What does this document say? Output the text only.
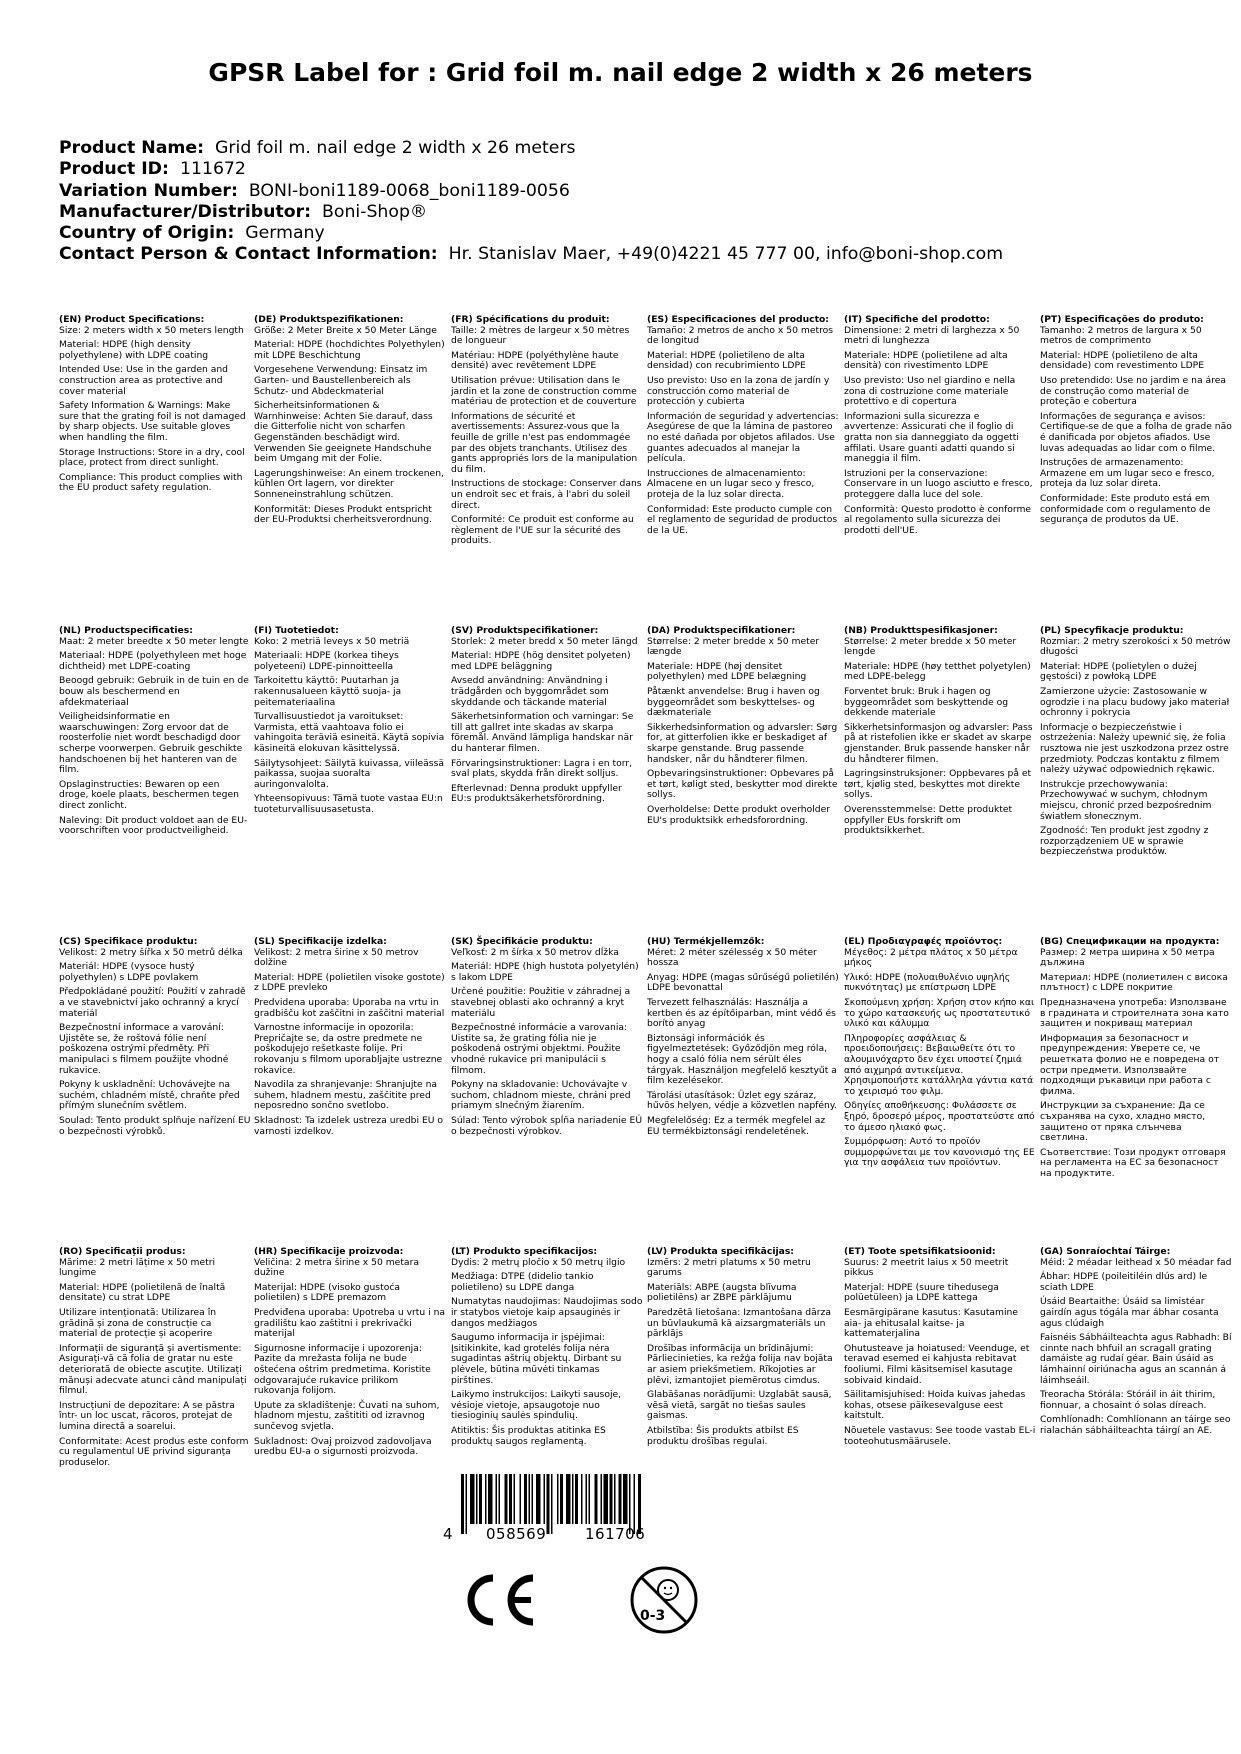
GPSR Label for : Grid foil m. nail edge 2 width x 26 meters
Product Name: Grid foil m. nail edge 2 width x 26 meters
Product ID: 111672
Variation Number: BONI-boni1189-0068_boni1189-0056
Manufacturer/Distributor: Boni-Shop®
Country of Origin: Germany
Contact Person & Contact Information: Hr. Stanislav Maer, +49(0)4221 45 777 00, info@boni-shop.com
(EN) Product Specifications:

Size: 2 meters width x 50 meters length

Material: HDPE (high density polyethylene) with LDPE coating

Intended Use: Use in the garden and construction area as protective and cover material

Safety Information & Warnings: Make sure that the grating foil is not damaged by sharp objects. Use suitable gloves when handling the film.

Storage Instructions: Store in a dry, cool place, protect from direct sunlight.

Compliance: This product complies with the EU product safety regulation.

(DE) Produktspezifikationen:

Größe: 2 Meter Breite x 50 Meter Länge

Material: HDPE (hochdichtes Polyethylen) mit LDPE Beschichtung

Vorgesehene Verwendung: Einsatz im Garten- und Baustellenbereich als Schutz- und Abdeckmaterial

Sicherheitsinformationen & Warnhinweise: Achten Sie darauf, dass die Gitterfolie nicht von scharfen Gegenständen beschädigt wird. Verwenden Sie geeignete Handschuhe beim Umgang mit der Folie.

Lagerungshinweise: An einem trockenen, kühlen Ort lagern, vor direkter Sonneneinstrahlung schützen.

Konformität: Dieses Produkt entspricht der EU-Produktsi cherheitsverordnung.

(FR) Spécifications du produit:

Taille: 2 mètres de largeur x 50 mètres de longueur

Matériau: HDPE (polyéthylène haute densité) avec revêtement LDPE

Utilisation prévue: Utilisation dans le jardin et la zone de construction comme matériau de protection et de couverture

Informations de sécurité et avertissements: Assurez-vous que la feuille de grille n'est pas endommagée par des objets tranchants. Utilisez des gants appropriés lors de la manipulation du film.

Instructions de stockage: Conserver dans un endroit sec et frais, à l'abri du soleil direct.

Conformité: Ce produit est conforme au règlement de l'UE sur la sécurité des produits.

(ES) Especificaciones del producto:

Tamaño: 2 metros de ancho x 50 metros de longitud

Material: HDPE (polietileno de alta densidad) con recubrimiento LDPE

Uso previsto: Uso en la zona de jardín y construcción como material de protección y cubierta

Información de seguridad y advertencias: Asegúrese de que la lámina de pastoreo no esté dañada por objetos afilados. Use guantes adecuados al manejar la película.

Instrucciones de almacenamiento: Almacene en un lugar seco y fresco, proteja de la luz solar directa.

Conformidad: Este producto cumple con el reglamento de seguridad de productos de la UE.

(IT) Specifiche del prodotto:

Dimensione: 2 metri di larghezza x 50 metri di lunghezza

Materiale: HDPE (polietilene ad alta densità) con rivestimento LDPE

Uso previsto: Uso nel giardino e nella zona di costruzione come materiale protettivo e di copertura

Informazioni sulla sicurezza e avvertenze: Assicurati che il foglio di gratta non sia danneggiato da oggetti affilati. Usare guanti adatti quando si maneggia il film.

Istruzioni per la conservazione: Conservare in un luogo asciutto e fresco, proteggere dalla luce del sole.

Conformità: Questo prodotto è conforme al regolamento sulla sicurezza dei prodotti dell'UE.

(PT) Especificações do produto:

Tamanho: 2 metros de largura x 50 metros de comprimento

Material: HDPE (polietileno de alta densidade) com revestimento LDPE

Uso pretendido: Use no jardim e na área de construção como material de proteção e cobertura

Informações de segurança e avisos: Certifique-se de que a folha de grade não é danificada por objetos afiados. Use luvas adequadas ao lidar com o filme.

Instruções de armazenamento: Armazene em um lugar seco e fresco, proteja da luz solar direta.

Conformidade: Este produto está em conformidade com o regulamento de segurança de produtos da UE.

(NL) Productspecificaties:

Maat: 2 meter breedte x 50 meter lengte

Materiaal: HDPE (polyethyleen met hoge dichtheid) met LDPE-coating

Beoogd gebruik: Gebruik in de tuin en de bouw als beschermend en afdekmateriaal

Veiligheidsinformatie en waarschuwingen: Zorg ervoor dat de roosterfolie niet wordt beschadigd door scherpe voorwerpen. Gebruik geschikte handschoenen bij het hanteren van de film.

Opslaginstructies: Bewaren op een droge, koele plaats, beschermen tegen direct zonlicht.

Naleving: Dit product voldoet aan de EU-voorschriften voor productveiligheid.

(FI) Tuotetiedot:

Koko: 2 metriä leveys x 50 metriä

Materiaali: HDPE (korkea tiheys polyeteeni) LDPE-pinnoitteella

Tarkoitettu käyttö: Puutarhan ja rakennusalueen käyttö suoja- ja peitemateriaalina

Turvallisuustiedot ja varoitukset: Varmista, että vaahtoava folio ei vahingoita teräviä esineitä. Käytä sopivia käsineitä elokuvan käsittelyssä.

Säilytysohjeet: Säilytä kuivassa, viileässä paikassa, suojaa suoralta auringonvalolta.

Yhteensopivuus: Tämä tuote vastaa EU:n tuoteturvallisuusasetusta.

(SV) Produktspecifikationer:

Storlek: 2 meter bredd x 50 meter längd

Material: HDPE (hög densitet polyeten) med LDPE beläggning

Avsedd användning: Användning i trädgården och byggområdet som skyddande och täckande material

Säkerhetsinformation och varningar: Se till att gallret inte skadas av skarpa föremål. Använd lämpliga handskar när du hanterar filmen.

Förvaringsinstruktioner: Lagra i en torr, sval plats, skydda från direkt solljus.

Efterlevnad: Denna produkt uppfyller EU:s produktsäkerhetsförordning.

(DA) Produktspecifikationer:

Størrelse: 2 meter bredde x 50 meter længde

Materiale: HDPE (høj densitet polyethylen) med LDPE belægning

Påtænkt anvendelse: Brug i haven og byggeområdet som beskyttelses- og dækmateriale

Sikkerhedsinformation og advarsler: Sørg for, at gitterfolien ikke er beskadiget af skarpe genstande. Brug passende handsker, når du håndterer filmen.

Opbevaringsinstruktioner: Opbevares på et tørt, køligt sted, beskytter mod direkte sollys.

Overholdelse: Dette produkt overholder EU's produktsikk erhedsforordning.

(NB) Produkttspesifikasjoner:

Størrelse: 2 meter bredde x 50 meter lengde

Materiale: HDPE (høy tetthet polyetylen) med LDPE-belegg

Forventet bruk: Bruk i hagen og byggeområdet som beskyttende og dekkende materiale

Sikkerhetsinformasjon og advarsler: Pass på at ristefolien ikke er skadet av skarpe gjenstander. Bruk passende hansker når du håndterer filmen.

Lagringsinstruksjoner: Oppbevares på et tørt, kjølig sted, beskyttes mot direkte sollys.

Overensstemmelse: Dette produktet oppfyller EUs forskrift om produktsikkerhet.

(PL) Specyfikacje produktu:

Rozmiar: 2 metry szerokości x 50 metrów długości

Materiał: HDPE (polietylen o dużej gęstości) z powłoką LDPE

Zamierzone użycie: Zastosowanie w ogrodzie i na placu budowy jako materiał ochronny i pokrycia

Informacje o bezpieczeństwie i ostrzeżenia: Należy upewnić się, że folia rusztowa nie jest uszkodzona przez ostre przedmioty. Podczas kontaktu z filmem należy używać odpowiednich rękawic.

Instrukcje przechowywania: Przechowywać w suchym, chłodnym miejscu, chronić przed bezpośrednim światłem słonecznym.

Zgodność: Ten produkt jest zgodny z rozporządzeniem UE w sprawie bezpieczeństwa produktów.

(CS) Specifikace produktu:

Velikost: 2 metry šířka x 50 metrů délka

Materiál: HDPE (vysoce hustý polyethylen) s LDPE povlakem

Předpokládané použití: Použití v zahradě a ve stavebnictví jako ochranný a krycí materiál

Bezpečnostní informace a varování: Ujistěte se, že roštová fólie není poškozena ostrými předměty. Při manipulaci s filmem použijte vhodné rukavice.

Pokyny k uskladnění: Uchovávejte na suchém, chladném místě, chraňte před přímým slunečním světlem.

Soulad: Tento produkt splňuje nařízení EU o bezpečnosti výrobků.

(SL) Specifikacije izdelka:

Velikost: 2 metra širine x 50 metrov dolžine

Material: HDPE (polietilen visoke gostote) z LDPE prevleko

Predvidena uporaba: Uporaba na vrtu in gradbišču kot zaščitni in zaščitni material

Varnostne informacije in opozorila: Prepričajte se, da ostre predmete ne poškodujejo rešetkaste folije. Pri rokovanju s filmom uporabljajte ustrezne rokavice.

Navodila za shranjevanje: Shranjujte na suhem, hladnem mestu, zaščitite pred neposredno sončno svetlobo.

Skladnost: Ta izdelek ustreza uredbi EU o varnosti izdelkov.

(SK) Špecifikácie produktu:

Veľkosť: 2 m šírka x 50 metrov dĺžka

Materiál: HDPE (high hustota polyetylén) s lakom LDPE

Určené použitie: Použitie v záhradnej a stavebnej oblasti ako ochranný a kryt materiálu

Bezpečnostné informácie a varovania: Uistite sa, že grating fólia nie je poškodená ostrými objektmi. Použite vhodné rukavice pri manipulácii s filmom.

Pokyny na skladovanie: Uchovávajte v suchom, chladnom mieste, chráni pred priamym slnečným žiarením.

Súlad: Tento výrobok spĺňa nariadenie EÚ o bezpečnosti výrobkov.

(HU) Termékjellemzők:

Méret: 2 méter szélesség x 50 méter hossza

Anyag: HDPE (magas sűrűségű polietilén) LDPE bevonattal

Tervezett felhasználás: Használja a kertben és az építőiparban, mint védő és borító anyag

Biztonsági információk és figyelmeztetések: Győződjön meg róla, hogy a csaló fólia nem sérült éles tárgyak. Használjon megfelelő kesztyűt a film kezelésekor.

Tárolási utasítások: Üzlet egy száraz, hűvös helyen, védje a közvetlen napfény.

Megfelelőség: Ez a termék megfelel az EU termékbiztonsági rendeletének.

(EL) Προδιαγραφές προϊόντος:

Μέγεθος: 2 μέτρα πλάτος x 50 μέτρα μήκος

Υλικό: HDPE (πολυαιθυλένιο υψηλής πυκνότητας) με επίστρωση LDPE

Σκοπούμενη χρήση: Χρήση στον κήπο και το χώρο κατασκευής ως προστατευτικό υλικό και κάλυμμα

Πληροφορίες ασφάλειας & προειδοποιήσεις: Βεβαιωθείτε ότι το αλουμινόχαρτο δεν έχει υποστεί ζημιά από αιχμηρά αντικείμενα. Χρησιμοποιήστε κατάλληλα γάντια κατά το χειρισμό του φιλμ.

Οδηγίες αποθήκευσης: Φυλάσσετε σε ξηρό, δροσερό μέρος, προστατεύστε από το άμεσο ηλιακό φως.

Συμμόρφωση: Αυτό το προϊόν συμμορφώνεται με τον κανονισμό της ΕΕ για την ασφάλεια των προϊόντων.

(BG) Спецификации на продукта:

Размер: 2 метра ширина x 50 метра дължина

Материал: HDPE (полиетилен с висока плътност) с LDPE покритие

Предназначена употреба: Използване в градината и строителната зона като защитен и покриващ материал

Информация за безопасност и предупреждения: Уверете се, че решетката фолио не е повредена от остри предмети. Използвайте подходящи ръкавици при работа с филма.

Инструкции за съхранение: Да се съхранява на сухо, хладно място, защитено от пряка слънчева светлина.

Съответствие: Този продукт отговаря на регламента на ЕС за безопасност на продуктите.

(RO) Specificații produs:

Mărime: 2 metri lățime x 50 metri lungime

Material: HDPE (polietilenă de înaltă densitate) cu strat LDPE

Utilizare intenționată: Utilizarea în grădină și zona de construcție ca material de protecție și acoperire

Informații de siguranță și avertismente: Asigurați-vă că folia de gratar nu este deteriorată de obiecte ascuțite. Utilizați mănuși adecvate atunci când manipulați filmul.

Instrucțiuni de depozitare: A se păstra într- un loc uscat, răcoros, protejat de lumina directă a soarelui.

Conformitate: Acest produs este conform cu regulamentul UE privind siguranța produselor.

(HR) Specifikacije proizvoda:

Veličina: 2 metra širine x 50 metara dužine

Materijal: HDPE (visoko gustoća polietilen) s LDPE premazom

Predviđena uporaba: Upotreba u vrtu i na gradilištu kao zaštitni i prekrivački materijal

Sigurnosne informacije i upozorenja: Pazite da mrežasta folija ne bude oštećena oštrim predmetima. Koristite odgovarajuće rukavice prilikom rukovanja folijom.

Upute za skladištenje: Čuvati na suhom, hladnom mjestu, zaštititi od izravnog sunčevog svjetla.

Sukladnost: Ovaj proizvod zadovoljava uredbu EU-a o sigurnosti proizvoda.

(LT) Produkto specifikacijos:

Dydis: 2 metrų pločio x 50 metrų ilgio

Medžiaga: DTPE (didelio tankio polietileno) su LDPE danga

Numatytas naudojimas: Naudojimas sodo ir statybos vietoje kaip apsauginės ir dangos medžiagos

Saugumo informacija ir įspėjimai: Įsitikinkite, kad grotelės folija nėra sugadintas aštrių objektų. Dirbant su plėvele, būtina mūvėti tinkamas pirštines.

Laikymo instrukcijos: Laikyti sausoje, vėsioje vietoje, apsaugotoje nuo tiesioginių saulės spindulių.

Atitiktis: Šis produktas atitinka ES produktų saugos reglamentą.

(LV) Produkta specifikācijas:

Izmērs: 2 metri platums x 50 metru garums

Materiāls: ABPE (augsta blīvuma polietilēns) ar ZBPE pārklājumu

Paredzētā lietošana: Izmantošana dārza un būvlaukumā kā aizsargmateriāls un pārklājs

Drošības informācija un brīdinājumi: Pārliecinieties, ka režģa folija nav bojāta ar asiem priekšmetiem. Rīkojoties ar plēvi, izmantojiet piemērotus cimdus.

Glabāšanas norādījumi: Uzglabāt sausā, vēsā vietā, sargāt no tiešas saules gaismas.

Atbilstība: Šis produkts atbilst ES produktu drošības regulai.

(ET) Toote spetsifikatsioonid:

Suurus: 2 meetrit laius x 50 meetrit pikkus

Materjal: HDPE (suure tihedusega polüetüleen) ja LDPE kattega

Eesmärgipärane kasutus: Kasutamine aia- ja ehitusalal kaitse- ja kattematerjalina

Ohutusteave ja hoiatused: Veenduge, et teravad esemed ei kahjusta rebitavat fooliumi. Filmi käsitsemisel kasutage sobivaid kindaid.

Säilitamisjuhised: Hoida kuivas jahedas kohas, otsese päikesevalguse eest kaitstult.

Nõuetele vastavus: See toode vastab EL-i tooteohutusmäärusele.

(GA) Sonraíochtaí Táirge:

Méid: 2 méadar leithead x 50 méadar fad

Ábhar: HDPE (poileitiléin dlús ard) le sciath LDPE

Úsáid Beartaithe: Úsáid sa limistéar gairdín agus tógála mar ábhar cosanta agus clúdaigh

Faisnéis Sábháilteachta agus Rabhadh: Bí cinnte nach bhfuil an scragall grating damáiste ag rudaí géar. Bain úsáid as lámhainní oiriúnacha agus an scannán á láimhseáil.

Treoracha Stórála: Stóráil in áit thirim, fionnuar, a chosaint ó solas díreach.

Comhlíonadh: Comhlíonann an táirge seo rialachán sábháilteachta táirgí an AE.

4 058569	161706
0-3
